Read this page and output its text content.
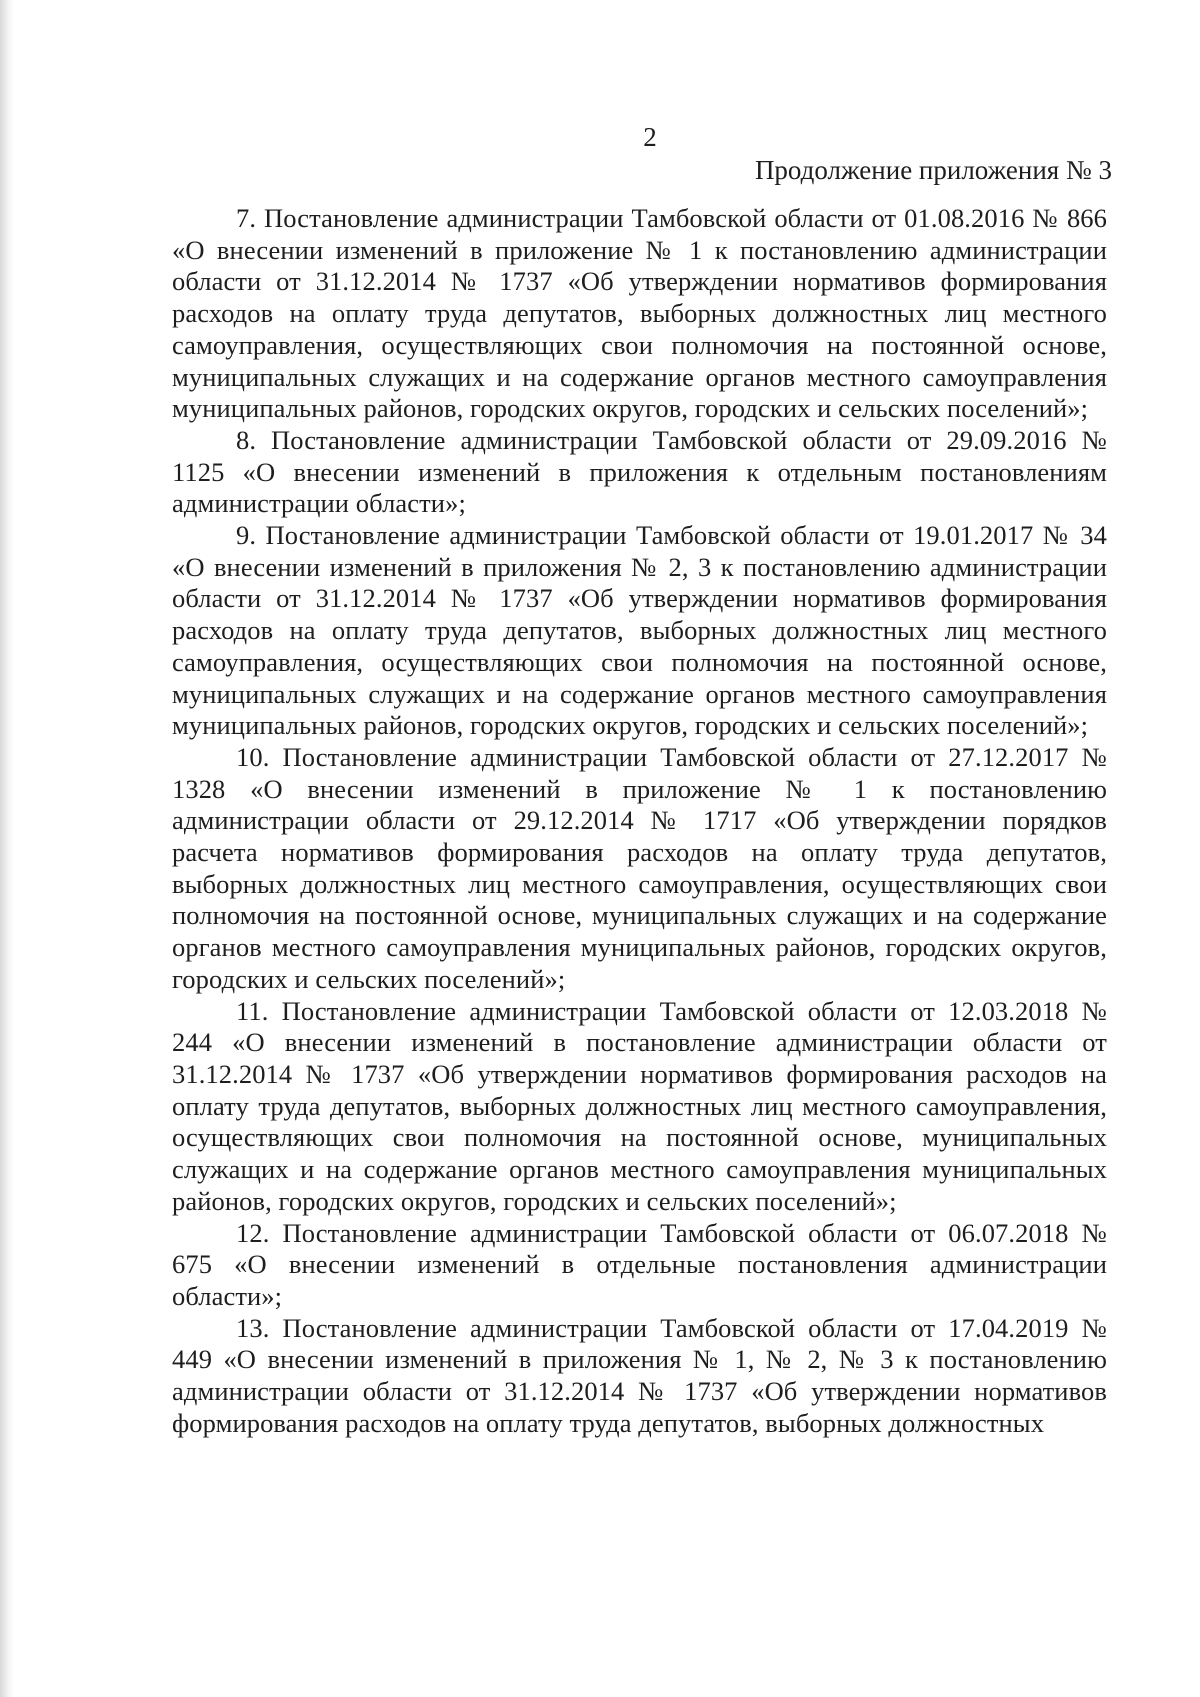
2
Продолжение приложения № 3

7. Постановление администрации Тамбовской области от 01.08.2016 № 866 «О внесении изменений в приложение № 1 к постановлению администрации области от 31.12.2014 № 1737 «Об утверждении нормативов формирования расходов на оплату труда депутатов, выборных должностных лиц местного самоуправления, осуществляющих свои полномочия на постоянной основе, муниципальных служащих и на содержание органов местного самоуправления муниципальных районов, городских округов, городских и сельских поселений»;

8. Постановление администрации Тамбовской области от 29.09.2016 № 1125 «О внесении изменений в приложения к отдельным постановлениям администрации области»;

9. Постановление администрации Тамбовской области от 19.01.2017 № 34 «О внесении изменений в приложения № 2, 3 к постановлению администрации области от 31.12.2014 № 1737 «Об утверждении нормативов формирования расходов на оплату труда депутатов, выборных должностных лиц местного самоуправления, осуществляющих свои полномочия на постоянной основе, муниципальных служащих и на содержание органов местного самоуправления муниципальных районов, городских округов, городских и сельских поселений»;

10. Постановление администрации Тамбовской области от 27.12.2017 № 1328 «О внесении изменений в приложение № 1 к постановлению администрации области от 29.12.2014 № 1717 «Об утверждении порядков расчета нормативов формирования расходов на оплату труда депутатов, выборных должностных лиц местного самоуправления, осуществляющих свои полномочия на постоянной основе, муниципальных служащих и на содержание органов местного самоуправления муниципальных районов, городских округов, городских и сельских поселений»;

11. Постановление администрации Тамбовской области от 12.03.2018 № 244 «О внесении изменений в постановление администрации области от 31.12.2014 № 1737 «Об утверждении нормативов формирования расходов на оплату труда депутатов, выборных должностных лиц местного самоуправления, осуществляющих свои полномочия на постоянной основе, муниципальных служащих и на содержание органов местного самоуправления муниципальных районов, городских округов, городских и сельских поселений»;

12. Постановление администрации Тамбовской области от 06.07.2018 № 675 «О внесении изменений в отдельные постановления администрации области»;

13. Постановление администрации Тамбовской области от 17.04.2019 № 449 «О внесении изменений в приложения № 1, № 2, № 3 к постановлению администрации области от 31.12.2014 № 1737 «Об утверждении нормативов формирования расходов на оплату труда депутатов, выборных должностных
